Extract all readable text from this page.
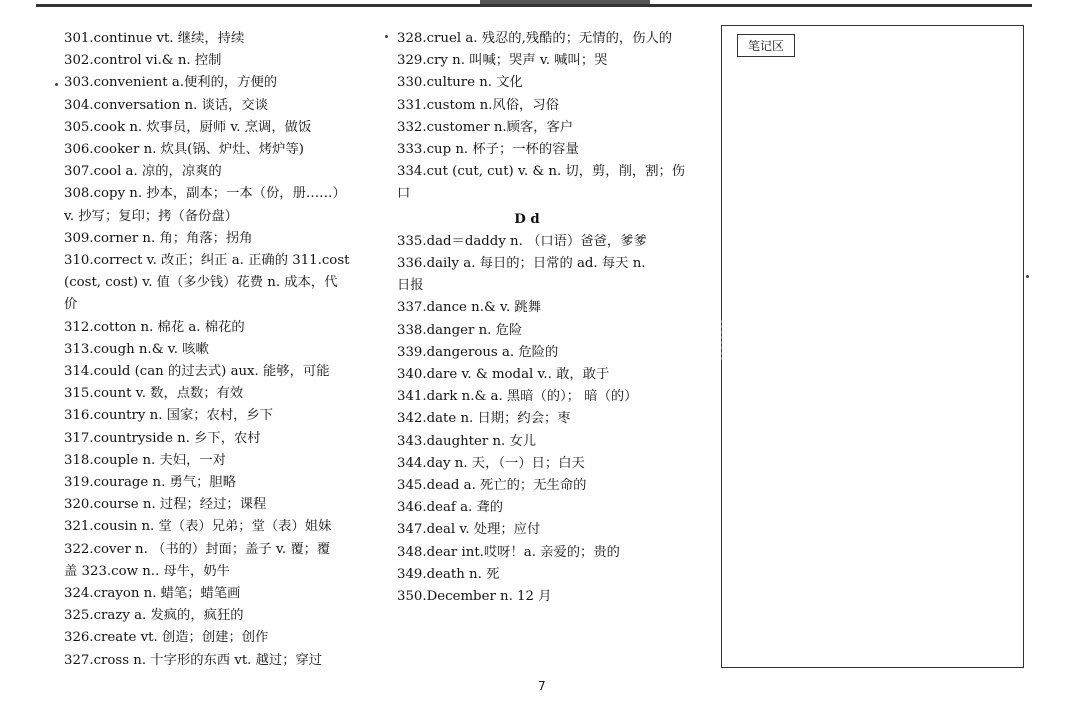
301.continue vt. 继续，持续
302.control vi.& n. 控制
303.convenient a.便利的，方便的
304.conversation n. 谈话，交谈
305.cook n. 炊事员，厨师 v. 烹调，做饭
306.cooker n. 炊具(锅、炉灶、烤炉等)
307.cool a. 凉的，凉爽的
308.copy n. 抄本，副本；一本（份，册……）
v. 抄写；复印；拷（备份盘）
309.corner n. 角；角落；拐角
310.correct v. 改正；纠正 a. 正确的 311.cost
(cost, cost) v. 值（多少钱）花费 n. 成本，代
价
312.cotton n. 棉花 a. 棉花的
313.cough n.& v. 咳嗽
314.could (can 的过去式) aux. 能够，可能
315.count v. 数，点数；有效
316.country n. 国家；农村，乡下
317.countryside n. 乡下，农村
318.couple n. 夫妇，一对
319.courage n. 勇气；胆略
320.course n. 过程；经过；课程
321.cousin n. 堂（表）兄弟；堂（表）姐妹
322.cover n. （书的）封面；盖子 v. 覆；覆
盖 323.cow n.. 母牛，奶牛
324.crayon n. 蜡笔；蜡笔画
325.crazy a. 发疯的，疯狂的
326.create vt. 创造；创建；创作
327.cross n. 十字形的东西 vt. 越过；穿过
328.cruel a. 残忍的,残酷的；无情的，伤人的
329.cry n. 叫喊；哭声 v. 喊叫；哭
330.culture n. 文化
331.custom n.风俗，习俗
332.customer n.顾客，客户
333.cup n. 杯子；一杯的容量
334.cut (cut, cut) v. & n. 切，剪，削，割；伤
口
D d
335.dad＝daddy n. （口语）爸爸，爹爹
336.daily a. 每日的；日常的 ad. 每天 n.
日报
337.dance n.& v. 跳舞
338.danger n. 危险
339.dangerous a. 危险的
340.dare v. & modal v.. 敢，敢于
341.dark n.& a. 黑暗（的）； 暗（的）
342.date n. 日期；约会；枣
343.daughter n. 女儿
344.day n. 天，（一）日；白天
345.dead a. 死亡的；无生命的
346.deaf a. 聋的
347.deal v. 处理；应付
348.dear int.哎呀！a. 亲爱的；贵的
349.death n. 死
350.December n. 12 月
笔记区
7
